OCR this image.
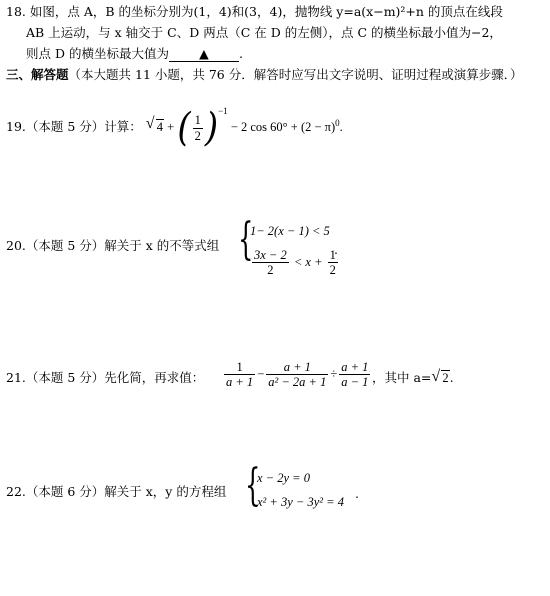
18. 如图，点 A，B 的坐标分别为(1，4)和(3，4)，抛物线 y=a(x−m)²+n 的顶点在线段
AB 上运动，与 x 轴交于 C、D 两点（C 在 D 的左侧），点 C 的横坐标最小值为−2，
则点 D 的横坐标最大值为 ▲ .
三、解答题（本大题共 11 小题，共 76 分．解答时应写出文字说明、证明过程或演算步骤．）
19.（本题 5 分）计算： √ 4 + ( $\frac{1}{2} )^{-1} - 2$ $\cos 60^\circ + (2 - \pi)^0$.
20.（本题 5 分）解关于 x 的不等式组 {
1− 2(x − 1) < 5
$\frac{3x - 2}{2} < x + \frac{1}{2}$
.
21.（本题 5 分）先化简，再求值： $\frac{1}{a + 1} - \frac{a + 1}{\text{a² − 2a + 1}} \div \frac{a + 1}{a - 1}$ ，其中 a= √ 2.
22.（本题 6 分）解关于 x，y 的方程组 {
x − 2y = 0
x² + 3y − 3y² = 4
.
